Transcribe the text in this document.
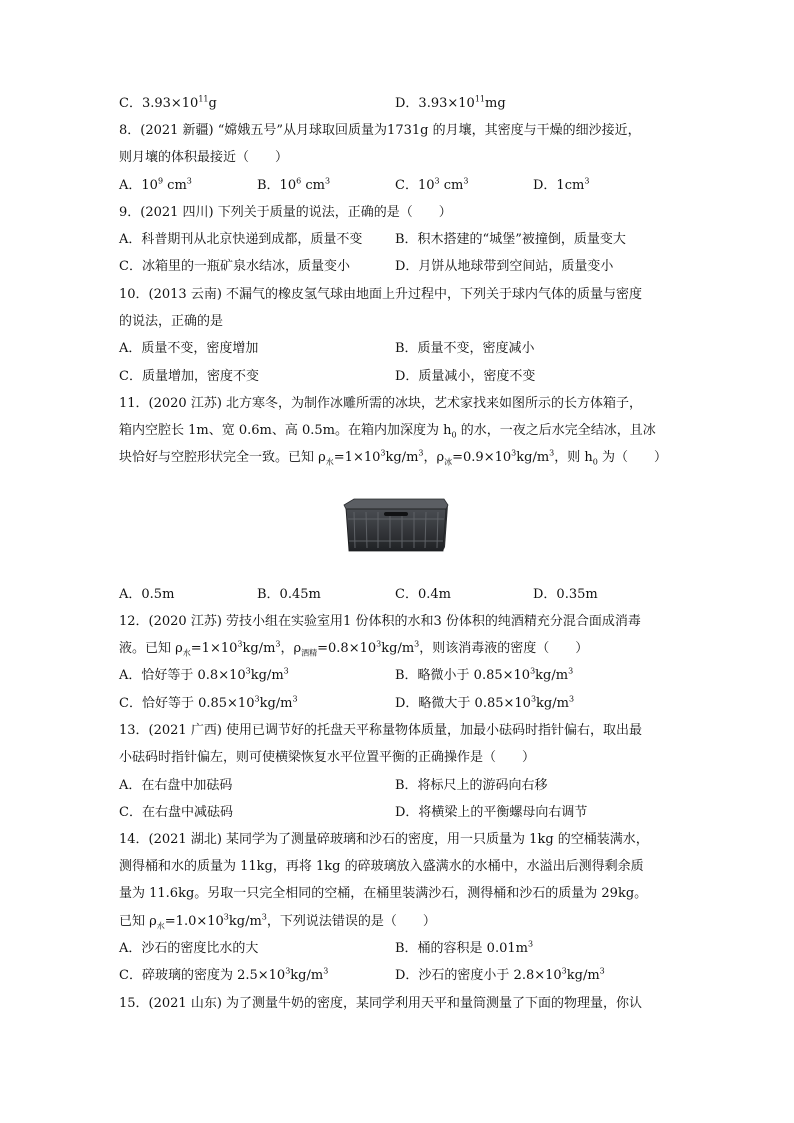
C．$3.93\times 10^{11}g$	D．$3.93\times 10^{11}mg$
8．(2021 新疆) “嫦娥五号”从月球取回质量为1731g 的月壤，其密度与干燥的细沙接近，
则月壤的体积最接近（　　）
A．$10^9$ $cm^3$	B．$10^6$ $cm^3$	C．$10^3$ $cm^3$	D．$1cm^3$
9．(2021 四川) 下列关于质量的说法，正确的是（　　）
A．科普期刊从北京快递到成都，质量不变	B．积木搭建的“城堡”被撞倒，质量变大
C．冰箱里的一瓶矿泉水结冰，质量变小	D．月饼从地球带到空间站，质量变小
10．(2013 云南) 不漏气的橡皮氢气球由地面上升过程中，下列关于球内气体的质量与密度
的说法，正确的是
A．质量不变，密度增加	B．质量不变，密度减小
C．质量增加，密度不变	D．质量减小，密度不变
11．(2020 江苏) 北方寒冬，为制作冰雕所需的冰块，艺术家找来如图所示的长方体箱子，
箱内空腔长 1m、宽 0.6m、高 0.5m。在箱内加深度为 $h_0$ 的水，一夜之后水完全结冰，且冰
块恰好与空腔形状完全一致。已知 $\rho_水=1\times 10^3kg/m^3$，$\rho_冰=0.9\times 10^3kg/m^3$，则 $h_0$ 为（　　）
A．0.5m	B．0.45m	C．0.4m	D．0.35m
12．(2020 江苏) 劳技小组在实验室用1 份体积的水和3 份体积的纯酒精充分混合面成消毒
液。已知 $\rho_水=1\times 10^3kg/m^3$，$\rho_{酒精}=0.8\times 10^3kg/m^3$，则该消毒液的密度（　　）
A．恰好等于 $0.8\times 10^3kg/m^3$	B．略微小于 $0.85\times 10^3kg/m^3$
C．恰好等于 $0.85\times 10^3kg/m^3$	D．略微大于 $0.85\times 10^3kg/m^3$
13．(2021 广西) 使用已调节好的托盘天平称量物体质量，加最小砝码时指针偏右，取出最
小砝码时指针偏左，则可使横梁恢复水平位置平衡的正确操作是（　　）
A．在右盘中加砝码	B．将标尺上的游码向右移
C．在右盘中减砝码	D．将横梁上的平衡螺母向右调节
14．(2021 湖北) 某同学为了测量碎玻璃和沙石的密度，用一只质量为 1kg 的空桶装满水，
测得桶和水的质量为 11kg，再将 1kg 的碎玻璃放入盛满水的水桶中，水溢出后测得剩余质
量为 11.6kg。另取一只完全相同的空桶，在桶里装满沙石，测得桶和沙石的质量为 29kg。
已知 $\rho_水=1.0\times 10^3kg/m^3$，下列说法错误的是（　　）
A．沙石的密度比水的大	B．桶的容积是 $0.01m^3$
C．碎玻璃的密度为 $2.5\times 10^3kg/m^3$	D．沙石的密度小于 $2.8\times 10^3kg/m^3$
15．(2021 山东) 为了测量牛奶的密度，某同学利用天平和量筒测量了下面的物理量，你认
